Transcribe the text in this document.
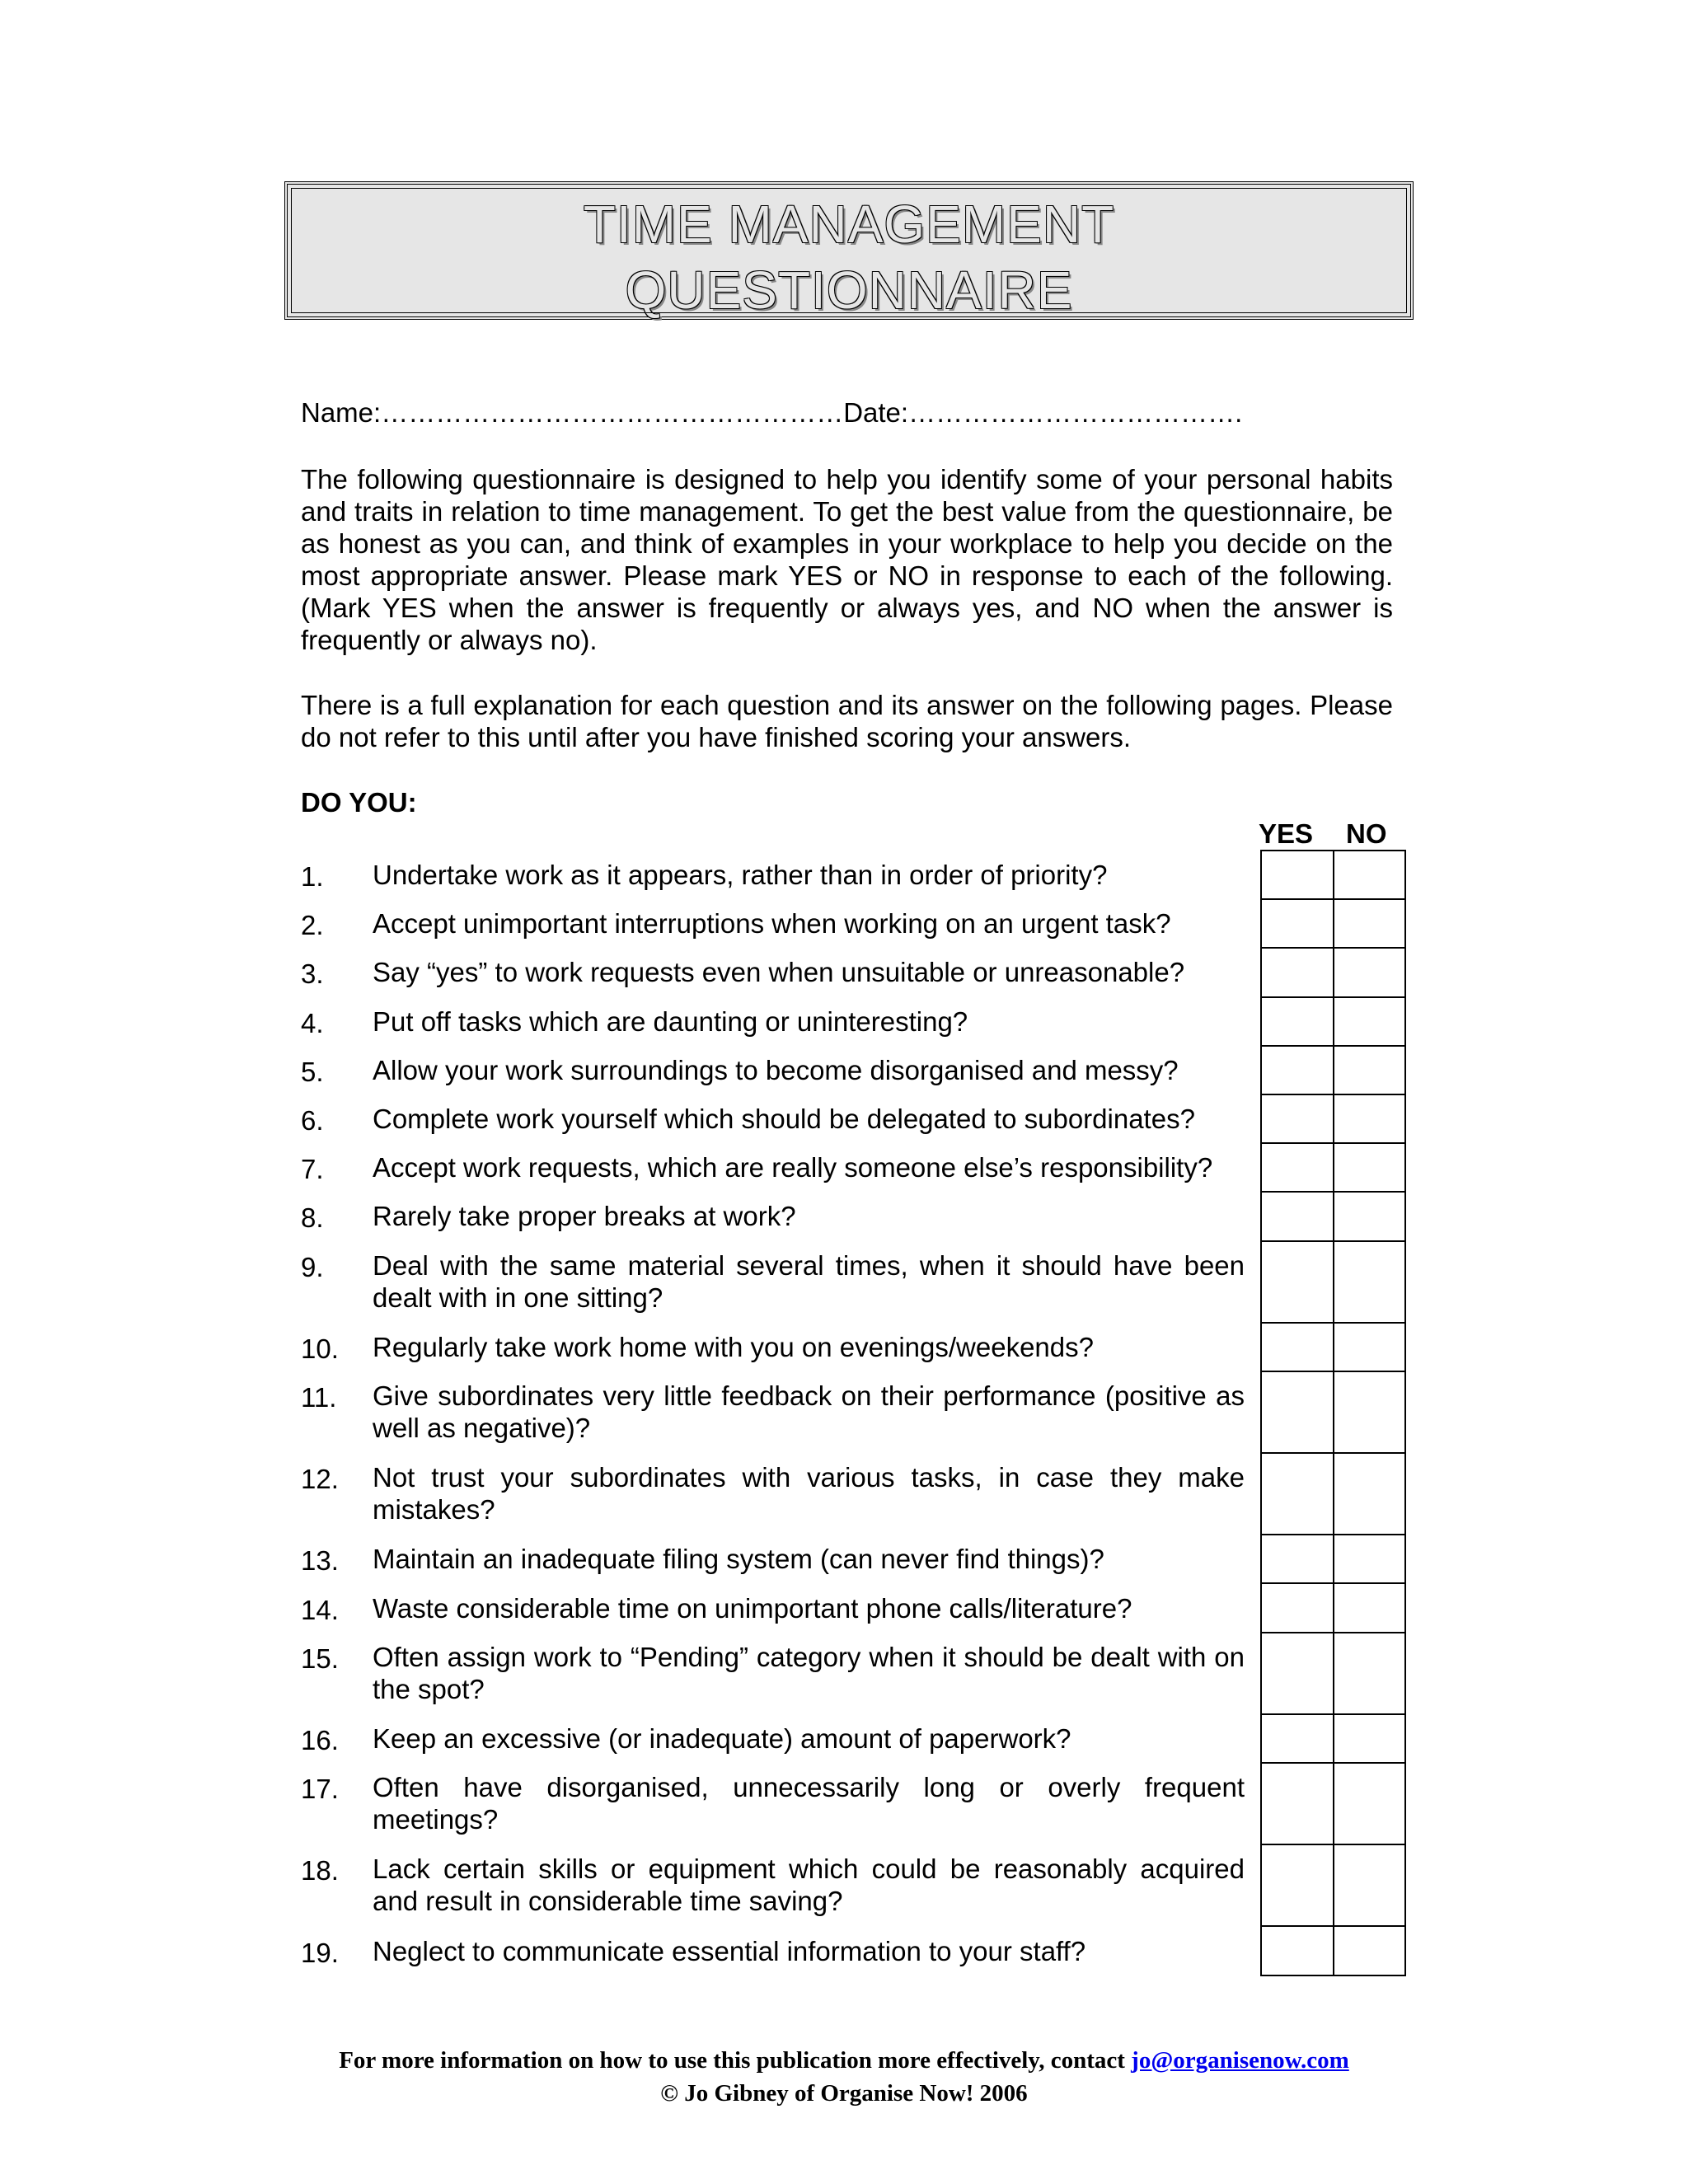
TIME MANAGEMENT
QUESTIONNAIRE
Name:……………………………………………Date:……………………………….

The following questionnaire is designed to help you identify some of your personal habits and traits in relation to time management. To get the best value from the questionnaire, be as honest as you can, and think of examples in your workplace to help you decide on the most appropriate answer. Please mark YES or NO in response to each of the following. (Mark YES when the answer is frequently or always yes, and NO when the answer is frequently or always no).

There is a full explanation for each question and its answer on the following pages. Please do not refer to this until after you have finished scoring your answers.

DO YOU:
YES NO
1. Undertake work as it appears, rather than in order of priority?
2. Accept unimportant interruptions when working on an urgent task?
3. Say “yes” to work requests even when unsuitable or unreasonable?
4. Put off tasks which are daunting or uninteresting?
5. Allow your work surroundings to become disorganised and messy?
6. Complete work yourself which should be delegated to subordinates?
7. Accept work requests, which are really someone else’s responsibility?
8. Rarely take proper breaks at work?
9. Deal with the same material several times, when it should have been dealt with in one sitting?
10. Regularly take work home with you on evenings/weekends?
11. Give subordinates very little feedback on their performance (positive as well as negative)?
12. Not trust your subordinates with various tasks, in case they make mistakes?
13. Maintain an inadequate filing system (can never find things)?
14. Waste considerable time on unimportant phone calls/literature?
15. Often assign work to “Pending” category when it should be dealt with on the spot?
16. Keep an excessive (or inadequate) amount of paperwork?
17. Often have disorganised, unnecessarily long or overly frequent meetings?
18. Lack certain skills or equipment which could be reasonably acquired and result in considerable time saving?
19. Neglect to communicate essential information to your staff?

For more information on how to use this publication more effectively, contact jo@organisenow.com
© Jo Gibney of Organise Now! 2006
